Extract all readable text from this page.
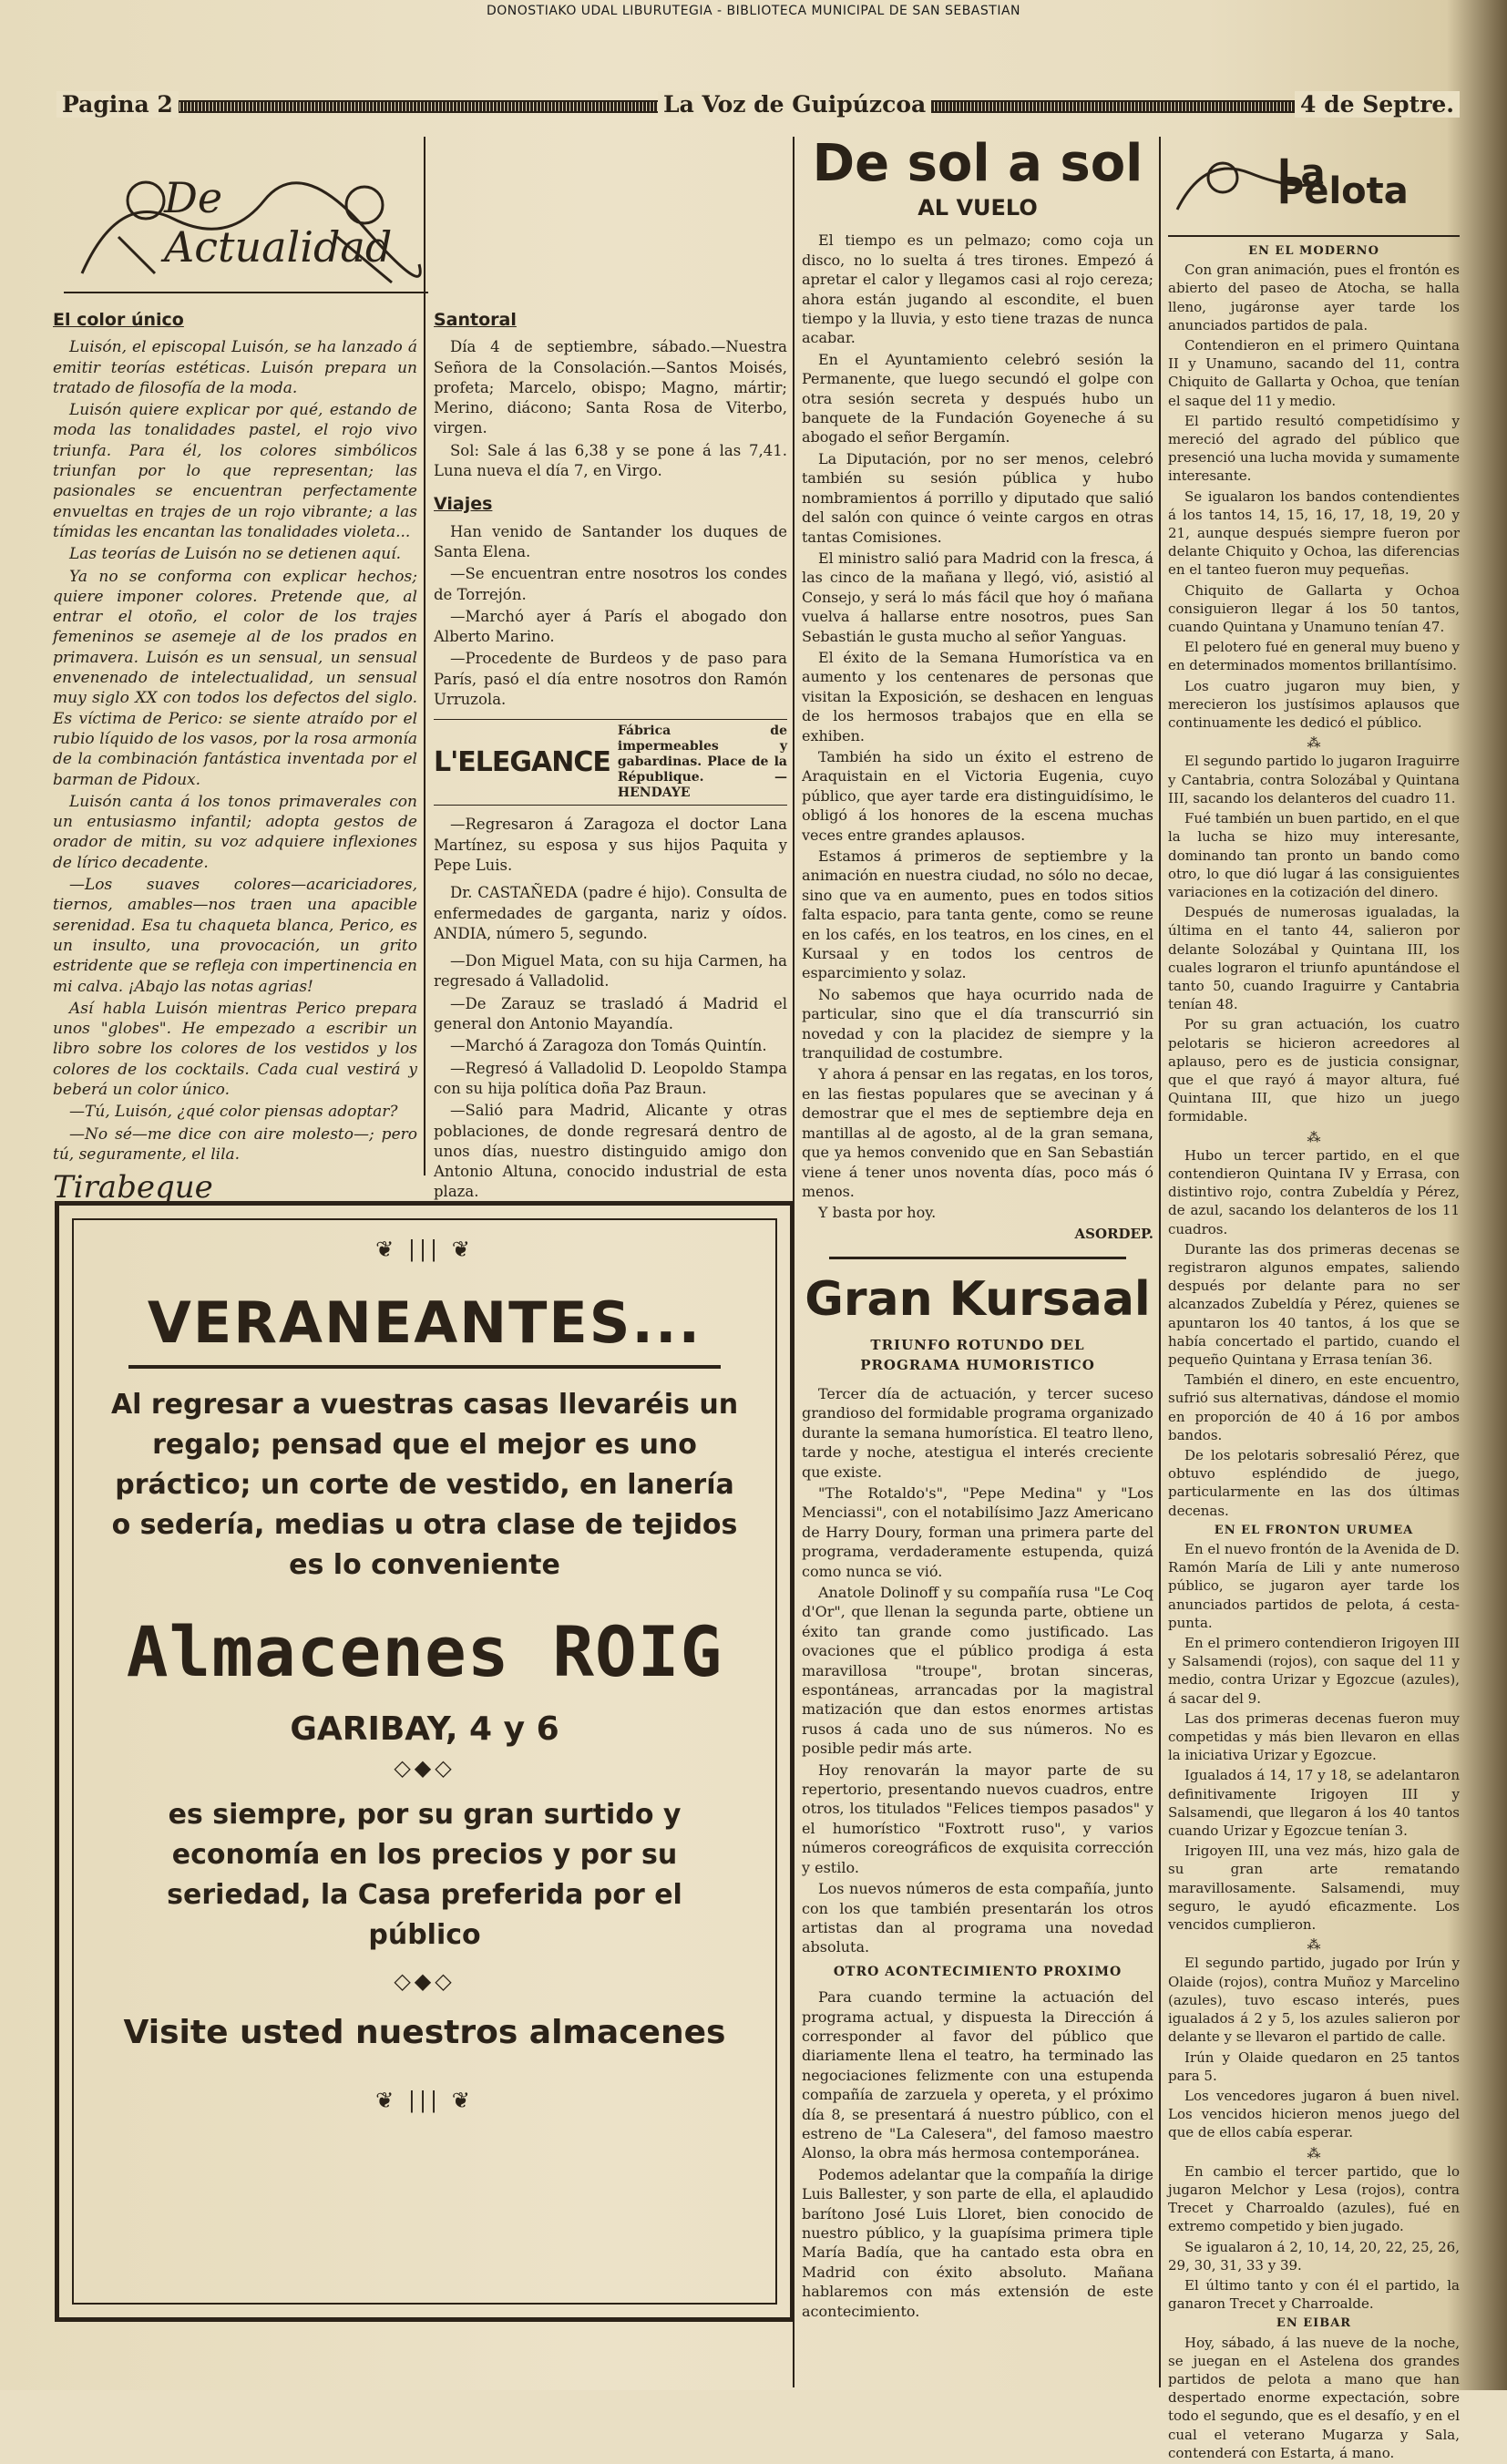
DONOSTIAKO UDAL LIBURUTEGIA - BIBLIOTECA MUNICIPAL DE SAN SEBASTIAN
Pagina 2	La Voz de Guipúzcoa	4 de Septre.
De Actualidad
El color único

Luisón, el episcopal Luisón, se ha lanzado á emitir teorías estéticas. Luisón prepara un tratado de filosofía de la moda.

Luisón quiere explicar por qué, estando de moda las tonalidades pastel, el rojo vivo triunfa. Para él, los colores simbólicos triunfan por lo que representan; las pasionales se encuentran perfectamente envueltas en trajes de un rojo vibrante; a las tímidas les encantan las tonalidades violeta...

Las teorías de Luisón no se detienen aquí.

Ya no se conforma con explicar hechos; quiere imponer colores. Pretende que, al entrar el otoño, el color de los trajes femeninos se asemeje al de los prados en primavera. Luisón es un sensual, un sensual envenenado de intelectualidad, un sensual muy siglo XX con todos los defectos del siglo. Es víctima de Perico: se siente atraído por el rubio líquido de los vasos, por la rosa armonía de la combinación fantástica inventada por el barman de Pidoux.

Luisón canta á los tonos primaverales con un entusiasmo infantil; adopta gestos de orador de mitin, su voz adquiere inflexiones de lírico decadente.

—Los suaves colores—acariciadores, tiernos, amables—nos traen una apacible serenidad. Esa tu chaqueta blanca, Perico, es un insulto, una provocación, un grito estridente que se refleja con impertinencia en mi calva. ¡Abajo las notas agrias!

Así habla Luisón mientras Perico prepara unos "globes". He empezado a escribir un libro sobre los colores de los vestidos y los colores de los cocktails. Cada cual vestirá y beberá un color único.

—Tú, Luisón, ¿qué color piensas adoptar?

—No sé—me dice con aire molesto—; pero tú, seguramente, el lila.

Tirabeque
Santoral

Día 4 de septiembre, sábado.—Nuestra Señora de la Consolación.—Santos Moisés, profeta; Marcelo, obispo; Magno, mártir; Merino, diácono; Santa Rosa de Viterbo, virgen.

Sol: Sale á las 6,38 y se pone á las 7,41. Luna nueva el día 7, en Virgo.

Viajes

Han venido de Santander los duques de Santa Elena.

—Se encuentran entre nosotros los condes de Torrejón.

—Marchó ayer á París el abogado don Alberto Marino.

—Procedente de Burdeos y de paso para París, pasó el día entre nosotros don Ramón Urruzola.

L'ELEGANCE
Fábrica de impermeables y gabardinas. Place de la République. — HENDAYE

—Regresaron á Zaragoza el doctor Lana Martínez, su esposa y sus hijos Paquita y Pepe Luis.

Dr. CASTAÑEDA (padre é hijo). Consulta de enfermedades de garganta, nariz y oídos. ANDIA, número 5, segundo.

—Don Miguel Mata, con su hija Carmen, ha regresado á Valladolid.

—De Zarauz se trasladó á Madrid el general don Antonio Mayandía.

—Marchó á Zaragoza don Tomás Quintín.

—Regresó á Valladolid D. Leopoldo Stampa con su hija política doña Paz Braun.

—Salió para Madrid, Alicante y otras poblaciones, de donde regresará dentro de unos días, nuestro distinguido amigo don Antonio Altuna, conocido industrial de esta plaza.

❦ ||| ❦
VERANEANTES...
Al regresar a vuestras casas llevaréis un regalo; pensad que el mejor es uno práctico; un corte de vestido, en lanería o sedería, medias u otra clase de tejidos es lo conveniente
Almacenes ROIG
GARIBAY, 4 y 6
◇◆◇
es siempre, por su gran surtido y economía en los precios y por su seriedad, la Casa preferida por el público
◇◆◇
Visite usted nuestros almacenes
❦ ||| ❦
De sol a sol
AL VUELO

El tiempo es un pelmazo; como coja un disco, no lo suelta á tres tirones. Empezó á apretar el calor y llegamos casi al rojo cereza; ahora están jugando al escondite, el buen tiempo y la lluvia, y esto tiene trazas de nunca acabar.

En el Ayuntamiento celebró sesión la Permanente, que luego secundó el golpe con otra sesión secreta y después hubo un banquete de la Fundación Goyeneche á su abogado el señor Bergamín.

La Diputación, por no ser menos, celebró también su sesión pública y hubo nombramientos á porrillo y diputado que salió del salón con quince ó veinte cargos en otras tantas Comisiones.

El ministro salió para Madrid con la fresca, á las cinco de la mañana y llegó, vió, asistió al Consejo, y será lo más fácil que hoy ó mañana vuelva á hallarse entre nosotros, pues San Sebastián le gusta mucho al señor Yanguas.

El éxito de la Semana Humorística va en aumento y los centenares de personas que visitan la Exposición, se deshacen en lenguas de los hermosos trabajos que en ella se exhiben.

También ha sido un éxito el estreno de Araquistain en el Victoria Eugenia, cuyo público, que ayer tarde era distinguidísimo, le obligó á los honores de la escena muchas veces entre grandes aplausos.

Estamos á primeros de septiembre y la animación en nuestra ciudad, no sólo no decae, sino que va en aumento, pues en todos sitios falta espacio, para tanta gente, como se reune en los cafés, en los teatros, en los cines, en el Kursaal y en todos los centros de esparcimiento y solaz.

No sabemos que haya ocurrido nada de particular, sino que el día transcurrió sin novedad y con la placidez de siempre y la tranquilidad de costumbre.

Y ahora á pensar en las regatas, en los toros, en las fiestas populares que se avecinan y á demostrar que el mes de septiembre deja en mantillas al de agosto, al de la gran semana, que ya hemos convenido que en San Sebastián viene á tener unos noventa días, poco más ó menos.

Y basta por hoy.

ASORDEP.
Gran Kursaal
TRIUNFO ROTUNDO DEL PROGRAMA HUMORISTICO

Tercer día de actuación, y tercer suceso grandioso del formidable programa organizado durante la semana humorística. El teatro lleno, tarde y noche, atestigua el interés creciente que existe.

"The Rotaldo's", "Pepe Medina" y "Los Menciassi", con el notabilísimo Jazz Americano de Harry Doury, forman una primera parte del programa, verdaderamente estupenda, quizá como nunca se vió.

Anatole Dolinoff y su compañía rusa "Le Coq d'Or", que llenan la segunda parte, obtiene un éxito tan grande como justificado. Las ovaciones que el público prodiga á esta maravillosa "troupe", brotan sinceras, espontáneas, arrancadas por la magistral matización que dan estos enormes artistas rusos á cada uno de sus números. No es posible pedir más arte.

Hoy renovarán la mayor parte de su repertorio, presentando nuevos cuadros, entre otros, los titulados "Felices tiempos pasados" y el humorístico "Foxtrott ruso", y varios números coreográficos de exquisita corrección y estilo.

Los nuevos números de esta compañía, junto con los que también presentarán los otros artistas dan al programa una novedad absoluta.

OTRO ACONTECIMIENTO PROXIMO

Para cuando termine la actuación del programa actual, y dispuesta la Dirección á corresponder al favor del público que diariamente llena el teatro, ha terminado las negociaciones felizmente con una estupenda compañía de zarzuela y opereta, y el próximo día 8, se presentará á nuestro público, con el estreno de "La Calesera", del famoso maestro Alonso, la obra más hermosa contemporánea.

Podemos adelantar que la compañía la dirige Luis Ballester, y son parte de ella, el aplaudido barítono José Luis Lloret, bien conocido de nuestro público, y la guapísima primera tiple María Badía, que ha cantado esta obra en Madrid con éxito absoluto. Mañana hablaremos con más extensión de este acontecimiento.

La Pelota
EN EL MODERNO

Con gran animación, pues el frontón es abierto del paseo de Atocha, se halla lleno, jugáronse ayer tarde los anunciados partidos de pala.

Contendieron en el primero Quintana II y Unamuno, sacando del 11, contra Chiquito de Gallarta y Ochoa, que tenían el saque del 11 y medio.

El partido resultó competidísimo y mereció del agrado del público que presenció una lucha movida y sumamente interesante.

Se igualaron los bandos contendientes á los tantos 14, 15, 16, 17, 18, 19, 20 y 21, aunque después siempre fueron por delante Chiquito y Ochoa, las diferencias en el tanteo fueron muy pequeñas.

Chiquito de Gallarta y Ochoa consiguieron llegar á los 50 tantos, cuando Quintana y Unamuno tenían 47.

El pelotero fué en general muy bueno y en determinados momentos brillantísimo.

Los cuatro jugaron muy bien, y merecieron los justísimos aplausos que continuamente les dedicó el público.

⁂

El segundo partido lo jugaron Iraguirre y Cantabria, contra Solozábal y Quintana III, sacando los delanteros del cuadro 11.

Fué también un buen partido, en el que la lucha se hizo muy interesante, dominando tan pronto un bando como otro, lo que dió lugar á las consiguientes variaciones en la cotización del dinero.

Después de numerosas igualadas, la última en el tanto 44, salieron por delante Solozábal y Quintana III, los cuales lograron el triunfo apuntándose el tanto 50, cuando Iraguirre y Cantabria tenían 48.

Por su gran actuación, los cuatro pelotaris se hicieron acreedores al aplauso, pero es de justicia consignar, que el que rayó á mayor altura, fué Quintana III, que hizo un juego formidable.

⁂

Hubo un tercer partido, en el que contendieron Quintana IV y Errasa, con distintivo rojo, contra Zubeldía y Pérez, de azul, sacando los delanteros de los 11 cuadros.

Durante las dos primeras decenas se registraron algunos empates, saliendo después por delante para no ser alcanzados Zubeldía y Pérez, quienes se apuntaron los 40 tantos, á los que se había concertado el partido, cuando el pequeño Quintana y Errasa tenían 36.

También el dinero, en este encuentro, sufrió sus alternativas, dándose el momio en proporción de 40 á 16 por ambos bandos.

De los pelotaris sobresalió Pérez, que obtuvo espléndido de juego, particularmente en las dos últimas decenas.

EN EL FRONTON URUMEA

En el nuevo frontón de la Avenida de D. Ramón María de Lili y ante numeroso público, se jugaron ayer tarde los anunciados partidos de pelota, á cesta-punta.

En el primero contendieron Irigoyen III y Salsamendi (rojos), con saque del 11 y medio, contra Urizar y Egozcue (azules), á sacar del 9.

Las dos primeras decenas fueron muy competidas y más bien llevaron en ellas la iniciativa Urizar y Egozcue.

Igualados á 14, 17 y 18, se adelantaron definitivamente Irigoyen III y Salsamendi, que llegaron á los 40 tantos cuando Urizar y Egozcue tenían 3.

Irigoyen III, una vez más, hizo gala de su gran arte rematando maravillosamente. Salsamendi, muy seguro, le ayudó eficazmente. Los vencidos cumplieron.

⁂

El segundo partido, jugado por Irún y Olaide (rojos), contra Muñoz y Marcelino (azules), tuvo escaso interés, pues igualados á 2 y 5, los azules salieron por delante y se llevaron el partido de calle.

Irún y Olaide quedaron en 25 tantos para 5.

Los vencedores jugaron á buen nivel. Los vencidos hicieron menos juego del que de ellos cabía esperar.

⁂

En cambio el tercer partido, que lo jugaron Melchor y Lesa (rojos), contra Trecet y Charroaldo (azules), fué en extremo competido y bien jugado.

Se igualaron á 2, 10, 14, 20, 22, 25, 26, 29, 30, 31, 33 y 39.

El último tanto y con él el partido, la ganaron Trecet y Charroalde.

EN EIBAR

Hoy, sábado, á las nueve de la noche, se juegan en el Astelena dos grandes partidos de pelota a mano que han despertado enorme expectación, sobre todo el segundo, que es el desafío, y en el cual el veterano Mugarza y Sala, contenderá con Estarta, á mano.
